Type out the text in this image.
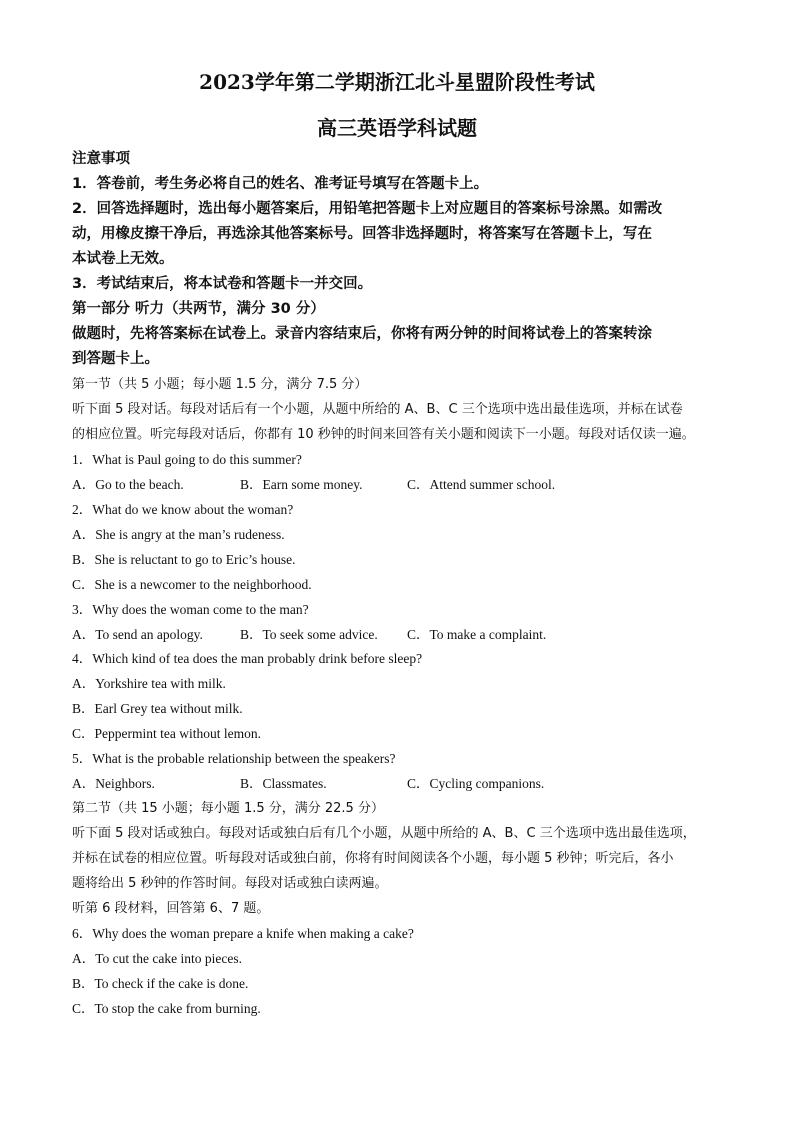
2023学年第二学期浙江北斗星盟阶段性考试
高三英语学科试题
注意事项
1．答卷前，考生务必将自己的姓名、准考证号填写在答题卡上。
2．回答选择题时，选出每小题答案后，用铅笔把答题卡上对应题目的答案标号涂黑。如需改
动，用橡皮擦干净后，再选涂其他答案标号。回答非选择题时，将答案写在答题卡上，写在
本试卷上无效。
3．考试结束后，将本试卷和答题卡一并交回。
第一部分 听力（共两节，满分 30 分）
做题时，先将答案标在试卷上。录音内容结束后，你将有两分钟的时间将试卷上的答案转涂
到答题卡上。
第一节（共 5 小题；每小题 1.5 分，满分 7.5 分）
听下面 5 段对话。每段对话后有一个小题，从题中所给的 A、B、C 三个选项中选出最佳选项，并标在试卷
的相应位置。听完每段对话后，你都有 10 秒钟的时间来回答有关小题和阅读下一小题。每段对话仅读一遍。
1．What is Paul going to do this summer?
A．Go to the beach.	B．Earn some money.	C．Attend summer school.
2．What do we know about the woman?
A．She is angry at the man’s rudeness.
B．She is reluctant to go to Eric’s house.
C．She is a newcomer to the neighborhood.
3．Why does the woman come to the man?
A．To send an apology.	B．To seek some advice. C．To make a complaint.
4．Which kind of tea does the man probably drink before sleep?
A．Yorkshire tea with milk.
B．Earl Grey tea without milk.
C．Peppermint tea without lemon.
5．What is the probable relationship between the speakers?
A．Neighbors.	B．Classmates.	C．Cycling companions.
第二节（共 15 小题；每小题 1.5 分，满分 22.5 分）
听下面 5 段对话或独白。每段对话或独白后有几个小题，从题中所给的 A、B、C 三个选项中选出最佳选项，
并标在试卷的相应位置。听每段对话或独白前，你将有时间阅读各个小题，每小题 5 秒钟；听完后，各小
题将给出 5 秒钟的作答时间。每段对话或独白读两遍。
听第 6 段材料，回答第 6、7 题。
6．Why does the woman prepare a knife when making a cake?
A．To cut the cake into pieces.
B．To check if the cake is done.
C．To stop the cake from burning.
